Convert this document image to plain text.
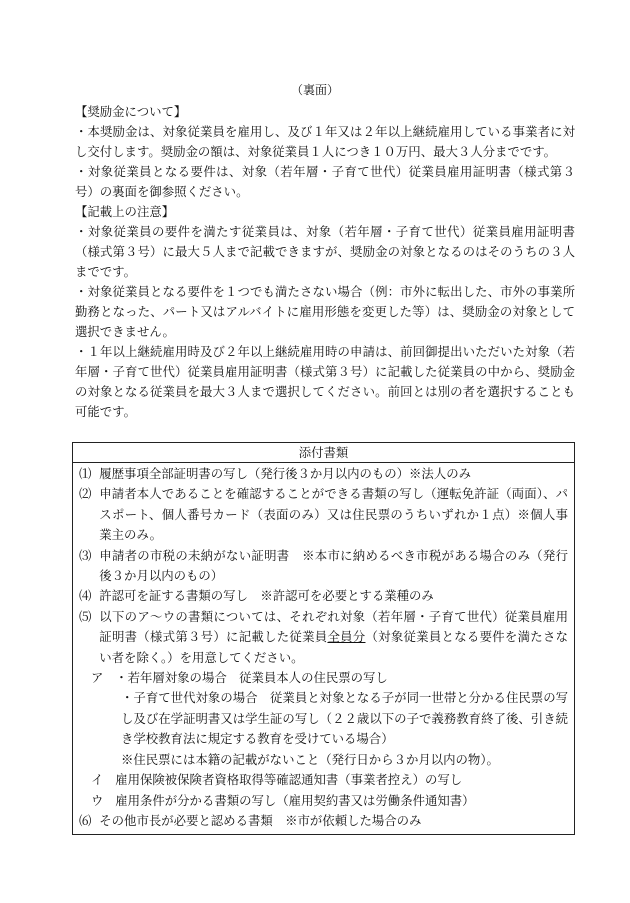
（裏面）

【奨励金について】

・本奨励金は、対象従業員を雇用し、及び１年又は２年以上継続雇用している事業者に対し交付します。奨励金の額は、対象従業員１人につき１０万円、最大３人分までです。

・対象従業員となる要件は、対象（若年層・子育て世代）従業員雇用証明書（様式第３号）の裏面を御参照ください。

【記載上の注意】

・対象従業員の要件を満たす従業員は、対象（若年層・子育て世代）従業員雇用証明書（様式第３号）に最大５人まで記載できますが、奨励金の対象となるのはそのうちの３人までです。

・対象従業員となる要件を１つでも満たさない場合（例：市外に転出した、市外の事業所勤務となった、パート又はアルバイトに雇用形態を変更した等）は、奨励金の対象として選択できません。

・１年以上継続雇用時及び２年以上継続雇用時の申請は、前回御提出いただいた対象（若年層・子育て世代）従業員雇用証明書（様式第３号）に記載した従業員の中から、奨励金の対象となる従業員を最大３人まで選択してください。前回とは別の者を選択することも可能です。

添付書類
⑴ 履歴事項全部証明書の写し（発行後３か月以内のもの）※法人のみ
⑵ 申請者本人であることを確認することができる書類の写し（運転免許証（両面）、パスポート、個人番号カード（表面のみ）又は住民票のうちいずれか１点）※個人事業主のみ。
⑶ 申請者の市税の未納がない証明書　※本市に納めるべき市税がある場合のみ（発行後３か月以内のもの）
⑷ 許認可を証する書類の写し　※許認可を必要とする業種のみ
⑸ 以下のア～ウの書類については、それぞれ対象（若年層・子育て世代）従業員雇用証明書（様式第３号）に記載した従業員全員分（対象従業員となる要件を満たさない者を除く。）を用意してください。
ア ・若年層対象の場合　従業員本人の住民票の写し
・子育て世代対象の場合　従業員と対象となる子が同一世帯と分かる住民票の写し及び在学証明書又は学生証の写し（２２歳以下の子で義務教育終了後、引き続き学校教育法に規定する教育を受けている場合）
※住民票には本籍の記載がないこと（発行日から３か月以内の物）。
イ 雇用保険被保険者資格取得等確認通知書（事業者控え）の写し
ウ 雇用条件が分かる書類の写し（雇用契約書又は労働条件通知書）
⑹ その他市長が必要と認める書類　※市が依頼した場合のみ
